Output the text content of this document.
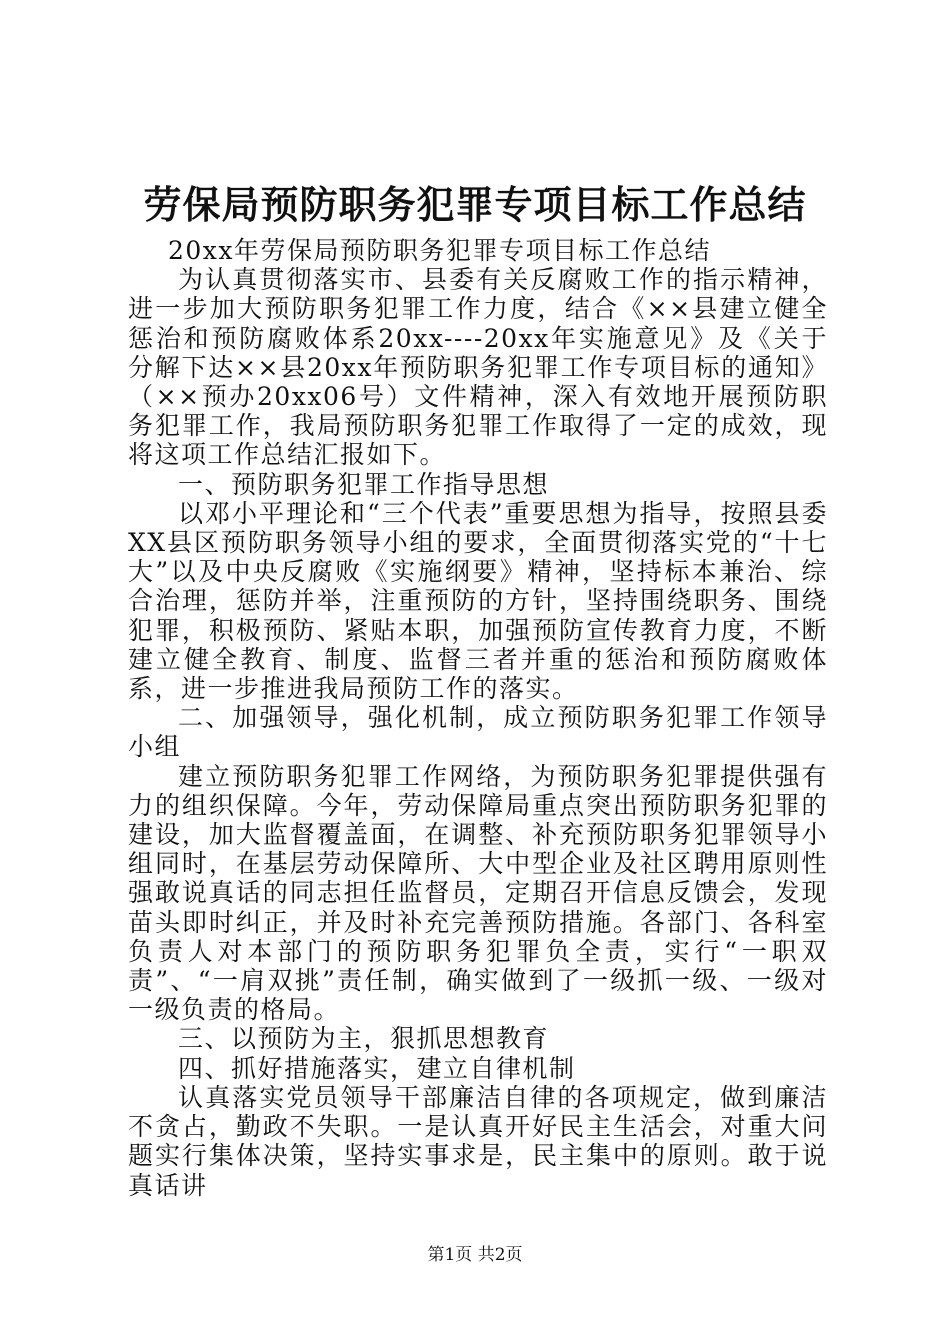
劳保局预防职务犯罪专项目标工作总结

20xx年劳保局预防职务犯罪专项目标工作总结

为认真贯彻落实市、县委有关反腐败工作的指示精神，进一步加大预防职务犯罪工作力度，结合《××县建立健全惩治和预防腐败体系20xx----20xx年实施意见》及《关于分解下达××县20xx年预防职务犯罪工作专项目标的通知》（××预办20xx06号）文件精神，深入有效地开展预防职务犯罪工作，我局预防职务犯罪工作取得了一定的成效，现将这项工作总结汇报如下。

一、预防职务犯罪工作指导思想

以邓小平理论和“三个代表”重要思想为指导，按照县委XX县区预防职务领导小组的要求，全面贯彻落实党的“十七大”以及中央反腐败《实施纲要》精神，坚持标本兼治、综合治理，惩防并举，注重预防的方针，坚持围绕职务、围绕犯罪，积极预防、紧贴本职，加强预防宣传教育力度，不断建立健全教育、制度、监督三者并重的惩治和预防腐败体系，进一步推进我局预防工作的落实。

二、加强领导，强化机制，成立预防职务犯罪工作领导小组

建立预防职务犯罪工作网络，为预防职务犯罪提供强有力的组织保障。今年，劳动保障局重点突出预防职务犯罪的建设，加大监督覆盖面，在调整、补充预防职务犯罪领导小组同时，在基层劳动保障所、大中型企业及社区聘用原则性强敢说真话的同志担任监督员，定期召开信息反馈会，发现苗头即时纠正，并及时补充完善预防措施。各部门、各科室负责人对本部门的预防职务犯罪负全责，实行“一职双责”、“一肩双挑”责任制，确实做到了一级抓一级、一级对一级负责的格局。

三、以预防为主，狠抓思想教育

四、抓好措施落实，建立自律机制

认真落实党员领导干部廉洁自律的各项规定，做到廉洁不贪占，勤政不失职。一是认真开好民主生活会，对重大问题实行集体决策，坚持实事求是，民主集中的原则。敢于说真话讲

第1页 共2页
